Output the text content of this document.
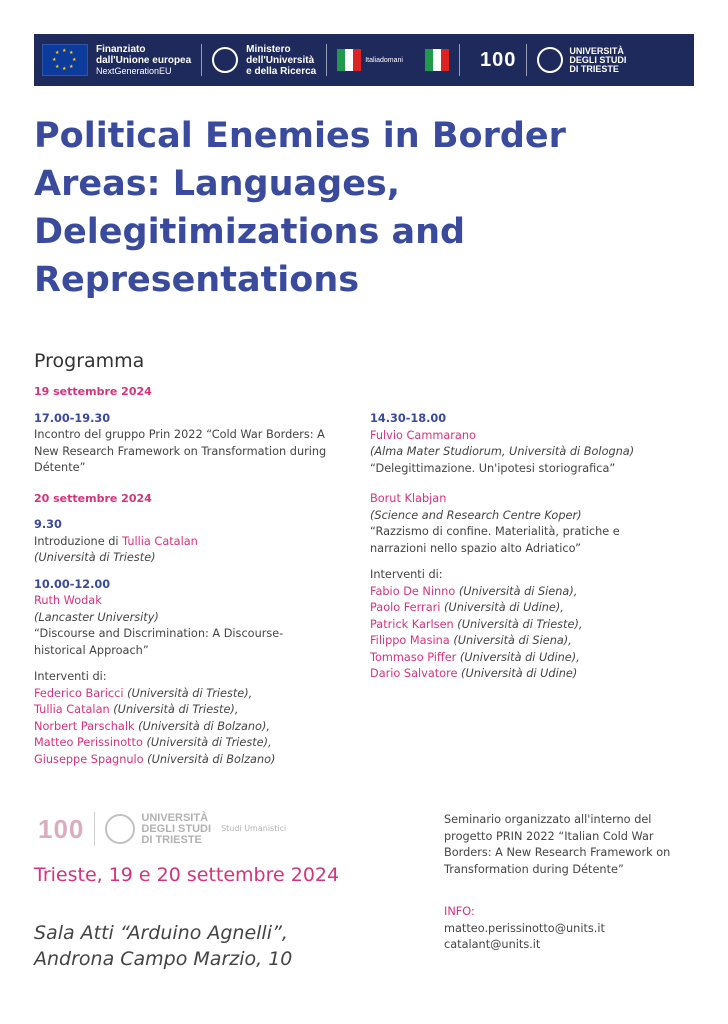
★ ★
★
★
★
★
★
★	Finanziato
dall'Unione europea
NextGenerationEU
Ministero
dell'Università
e della Ricerca
Italiadomani	100	UNIVERSITÀ
DEGLI STUDI
DI TRIESTE
Political Enemies in Border Areas: Languages, Delegitimizations and Representations
Programma

19 settembre 2024

17.00-19.30

Incontro del gruppo Prin 2022 “Cold War Borders: A New Research Framework on Transformation during Détente”

20 settembre 2024

9.30

Introduzione di Tullia Catalan

(Università di Trieste)

10.00-12.00

Ruth Wodak

(Lancaster University)

“Discourse and Discrimination: A Discourse-historical Approach”

Interventi di:

Federico Baricci (Università di Trieste),

Tullia Catalan (Università di Trieste),

Norbert Parschalk (Università di Bolzano),

Matteo Perissinotto (Università di Trieste),

Giuseppe Spagnulo (Università di Bolzano)

14.30-18.00

Fulvio Cammarano

(Alma Mater Studiorum, Università di Bologna)

“Delegittimazione. Un'ipotesi storiografica”

Borut Klabjan

(Science and Research Centre Koper)

“Razzismo di confine. Materialità, pratiche e narrazioni nello spazio alto Adriatico”

Interventi di:

Fabio De Ninno (Università di Siena),

Paolo Ferrari (Università di Udine),

Patrick Karlsen (Università di Trieste),

Filippo Masina (Università di Siena),

Tommaso Piffer (Università di Udine),

Dario Salvatore (Università di Udine)

100	UNIVERSITÀ
DEGLI STUDI
DI TRIESTE
Studi Umanistici

Trieste, 19 e 20 settembre 2024

Sala Atti “Arduino Agnelli”,
Androna Campo Marzio, 10

Seminario organizzato all'interno del progetto PRIN 2022 “Italian Cold War Borders: A New Research Framework on Transformation during Détente”

INFO:

matteo.perissinotto@units.it

catalant@units.it
